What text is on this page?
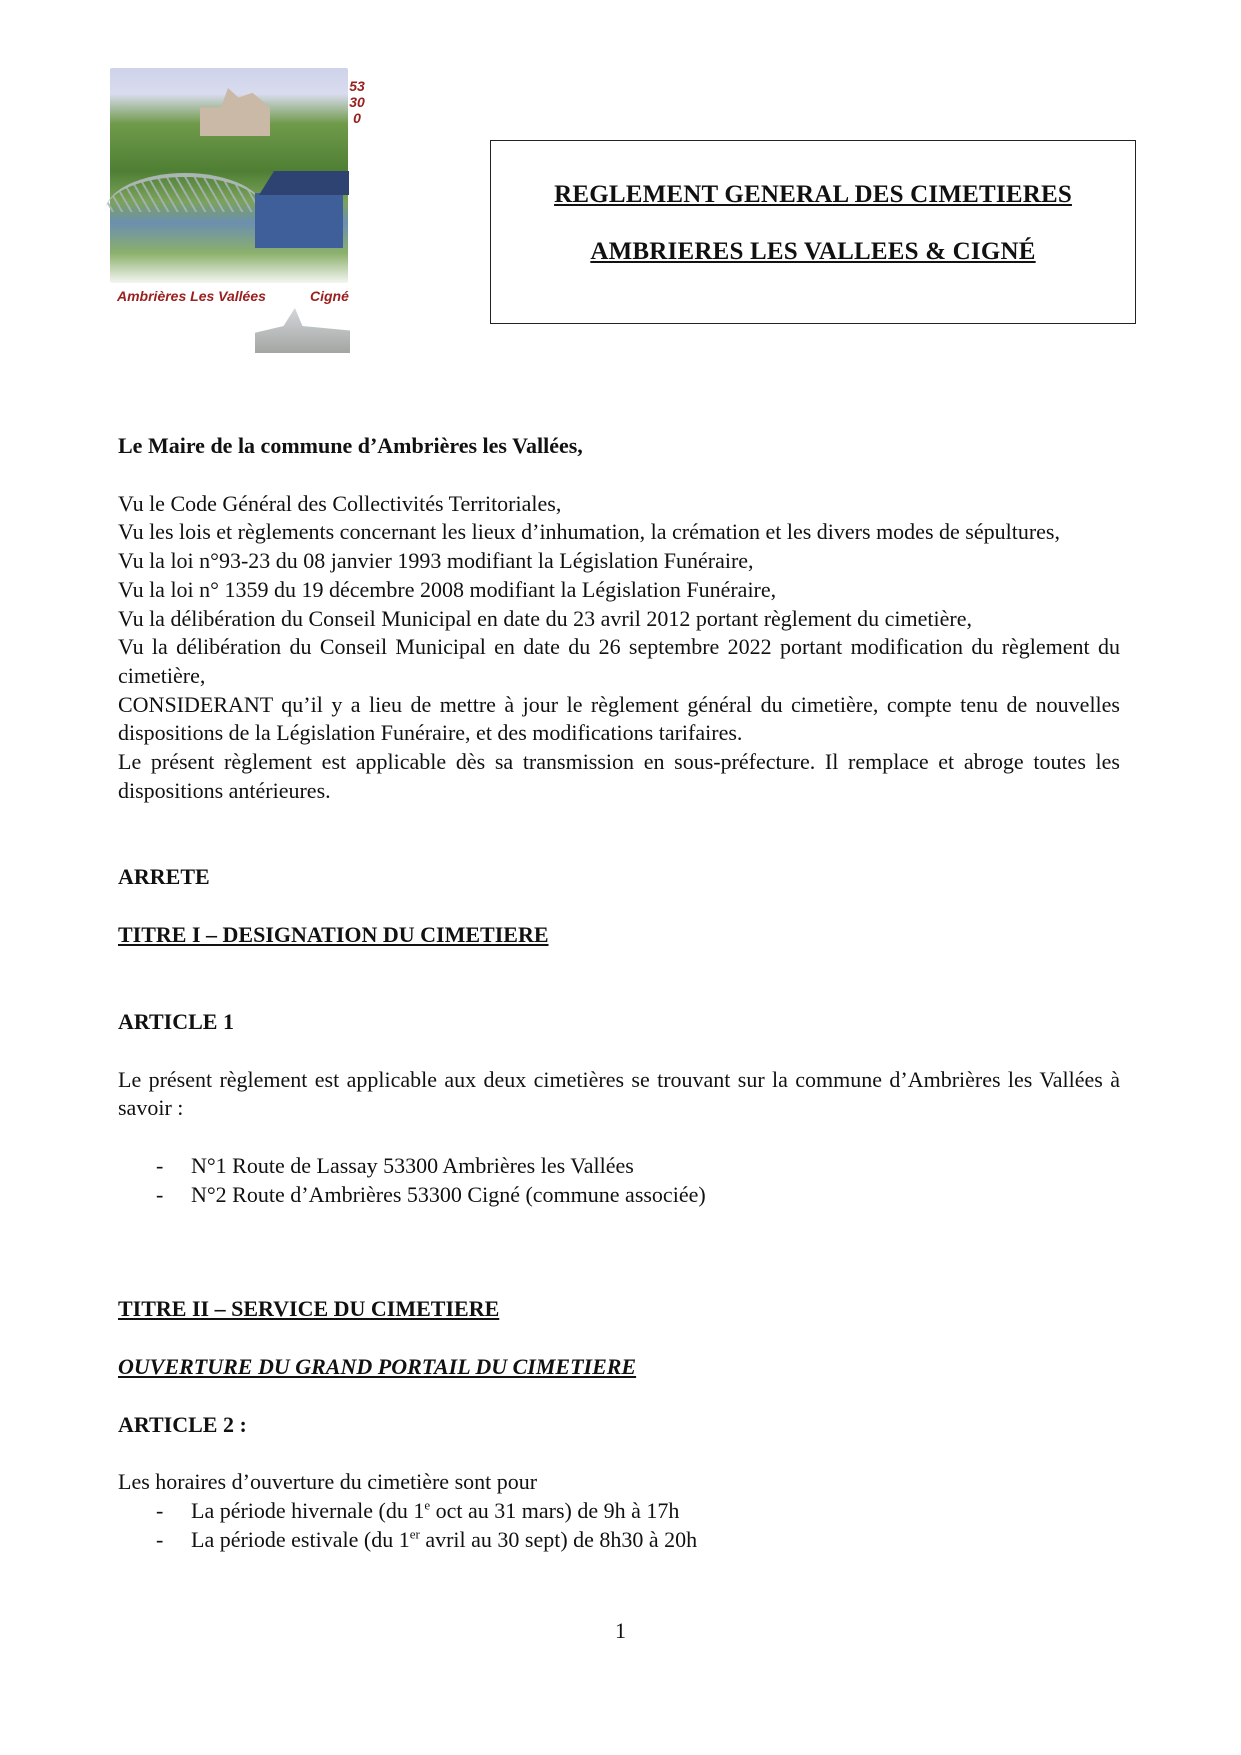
53300
Ambrières Les Vallées	Cigné
REGLEMENT GENERAL DES CIMETIERES
AMBRIERES LES VALLEES & CIGNÉ

Le Maire de la commune d’Ambrières les Vallées,

Vu le Code Général des Collectivités Territoriales,

Vu les lois et règlements concernant les lieux d’inhumation, la crémation et les divers modes de sépultures,

Vu la loi n°93-23 du 08 janvier 1993 modifiant la Législation Funéraire,

Vu la loi n° 1359 du 19 décembre 2008 modifiant la Législation Funéraire,

Vu la délibération du Conseil Municipal en date du 23 avril 2012 portant règlement du cimetière,

Vu la délibération du Conseil Municipal en date du 26 septembre 2022 portant modification du règlement du cimetière,

CONSIDERANT qu’il y a lieu de mettre à jour le règlement général du cimetière, compte tenu de nouvelles dispositions de la Législation Funéraire, et des modifications tarifaires.

Le présent règlement est applicable dès sa transmission en sous-préfecture. Il remplace et abroge toutes les dispositions antérieures.

ARRETE

TITRE I – DESIGNATION DU CIMETIERE

ARTICLE 1

Le présent règlement est applicable aux deux cimetières se trouvant sur la commune d’Ambrières les Vallées à savoir :

- N°1 Route de Lassay 53300 Ambrières les Vallées
- N°2 Route d’Ambrières 53300 Cigné (commune associée)

TITRE II – SERVICE DU CIMETIERE

OUVERTURE DU GRAND PORTAIL DU CIMETIERE

ARTICLE 2 :

Les horaires d’ouverture du cimetière sont pour

- La période hivernale (du 1e oct au 31 mars) de 9h à 17h
- La période estivale (du 1er avril au 30 sept) de 8h30 à 20h
1
